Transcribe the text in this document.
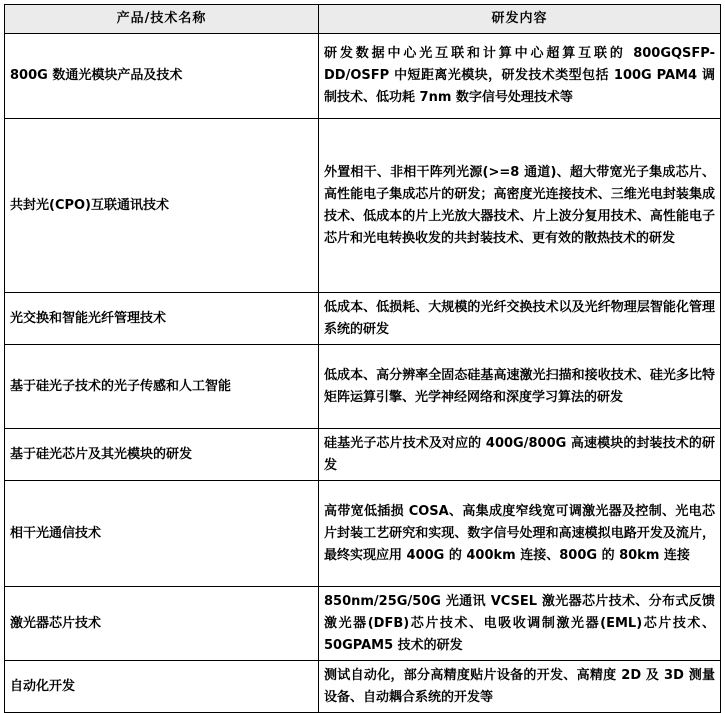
产品/技术名称	研发内容
800G 数通光模块产品及技术	研发数据中心光互联和计算中心超算互联的 800GQSFP-DD/OSFP 中短距离光模块，研发技术类型包括 100G PAM4 调制技术、低功耗 7nm 数字信号处理技术等
共封光(CPO)互联通讯技术	外置相干、非相干阵列光源(>=8 通道)、超大带宽光子集成芯片、高性能电子集成芯片的研发；高密度光连接技术、三维光电封装集成技术、低成本的片上光放大器技术、片上波分复用技术、高性能电子芯片和光电转换收发的共封装技术、更有效的散热技术的研发
光交换和智能光纤管理技术	低成本、低损耗、大规模的光纤交换技术以及光纤物理层智能化管理系统的研发
基于硅光子技术的光子传感和人工智能	低成本、高分辨率全固态硅基高速激光扫描和接收技术、硅光多比特矩阵运算引擎、光学神经网络和深度学习算法的研发
基于硅光芯片及其光模块的研发	硅基光子芯片技术及对应的 400G/800G 高速模块的封装技术的研发
相干光通信技术	高带宽低插损 COSA、高集成度窄线宽可调激光器及控制、光电芯片封装工艺研究和实现、数字信号处理和高速模拟电路开发及流片，最终实现应用 400G 的 400km 连接、800G 的 80km 连接
激光器芯片技术	850nm/25G/50G 光通讯 VCSEL 激光器芯片技术、分布式反馈激光器(DFB)芯片技术、电吸收调制激光器(EML)芯片技术、50GPAM5 技术的研发
自动化开发	测试自动化，部分高精度贴片设备的开发、高精度 2D 及 3D 测量设备、自动耦合系统的开发等
